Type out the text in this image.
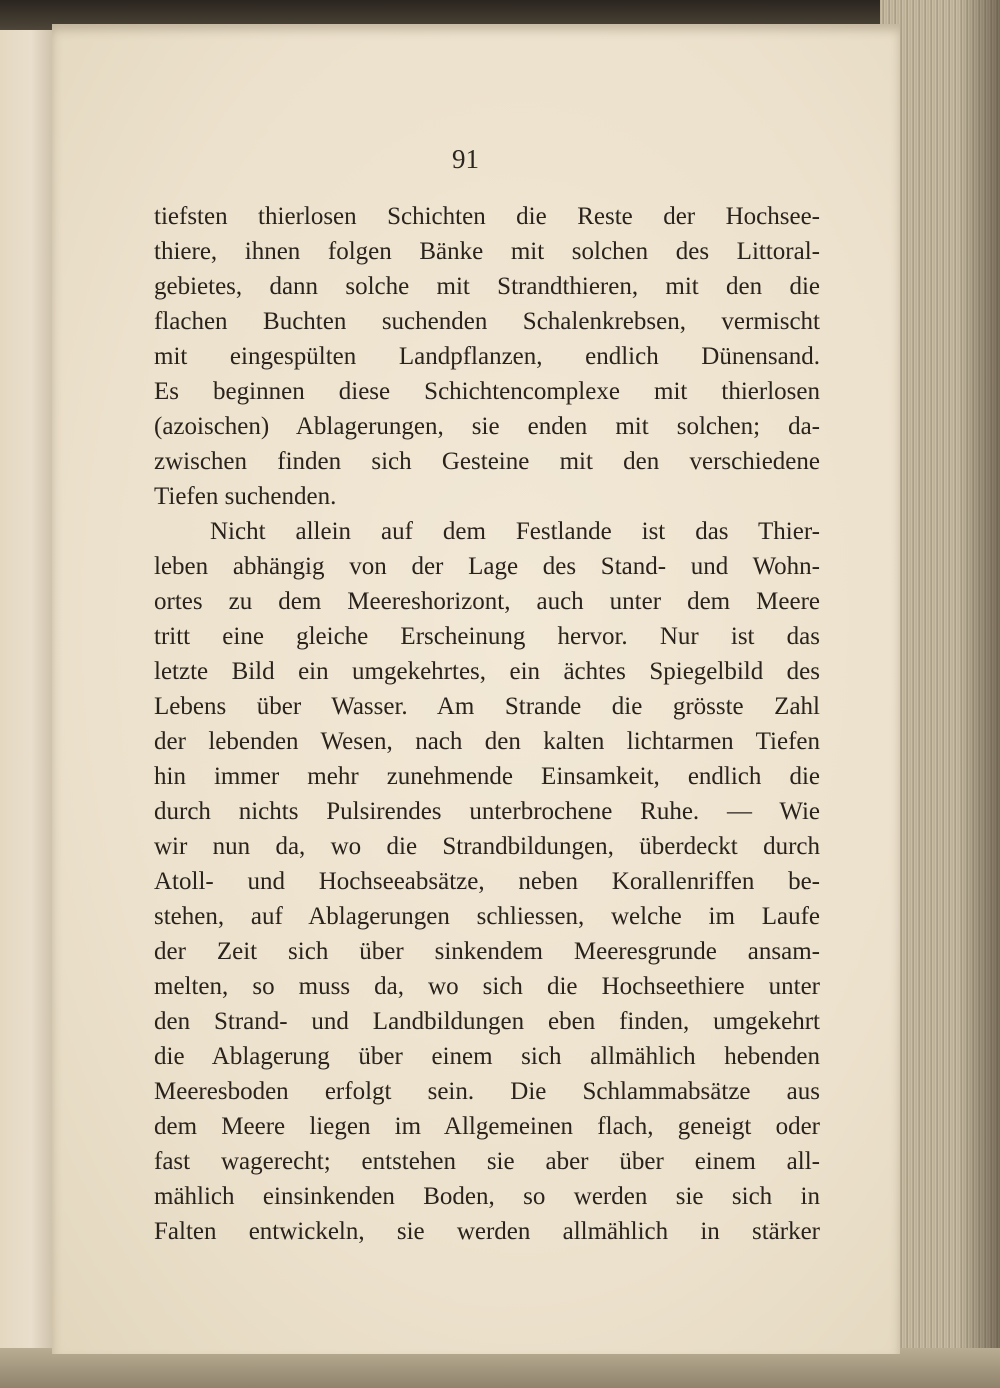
91
tiefsten thierlosen Schichten die Reste der Hochsee-
thiere, ihnen folgen Bänke mit solchen des Littoral-
gebietes, dann solche mit Strandthieren, mit den die
flachen Buchten suchenden Schalenkrebsen, vermischt
mit eingespülten Landpflanzen, endlich Dünensand.
Es beginnen diese Schichtencomplexe mit thierlosen
(azoischen) Ablagerungen, sie enden mit solchen; da-
zwischen finden sich Gesteine mit den verschiedene
Tiefen suchenden.
Nicht allein auf dem Festlande ist das Thier-
leben abhängig von der Lage des Stand- und Wohn-
ortes zu dem Meereshorizont, auch unter dem Meere
tritt eine gleiche Erscheinung hervor. Nur ist das
letzte Bild ein umgekehrtes, ein ächtes Spiegelbild des
Lebens über Wasser. Am Strande die grösste Zahl
der lebenden Wesen, nach den kalten lichtarmen Tiefen
hin immer mehr zunehmende Einsamkeit, endlich die
durch nichts Pulsirendes unterbrochene Ruhe. — Wie
wir nun da, wo die Strandbildungen, überdeckt durch
Atoll- und Hochseeabsätze, neben Korallenriffen be-
stehen, auf Ablagerungen schliessen, welche im Laufe
der Zeit sich über sinkendem Meeresgrunde ansam-
melten, so muss da, wo sich die Hochseethiere unter
den Strand- und Landbildungen eben finden, umgekehrt
die Ablagerung über einem sich allmählich hebenden
Meeresboden erfolgt sein. Die Schlammabsätze aus
dem Meere liegen im Allgemeinen flach, geneigt oder
fast wagerecht; entstehen sie aber über einem all-
mählich einsinkenden Boden, so werden sie sich in
Falten entwickeln, sie werden allmählich in stärker
